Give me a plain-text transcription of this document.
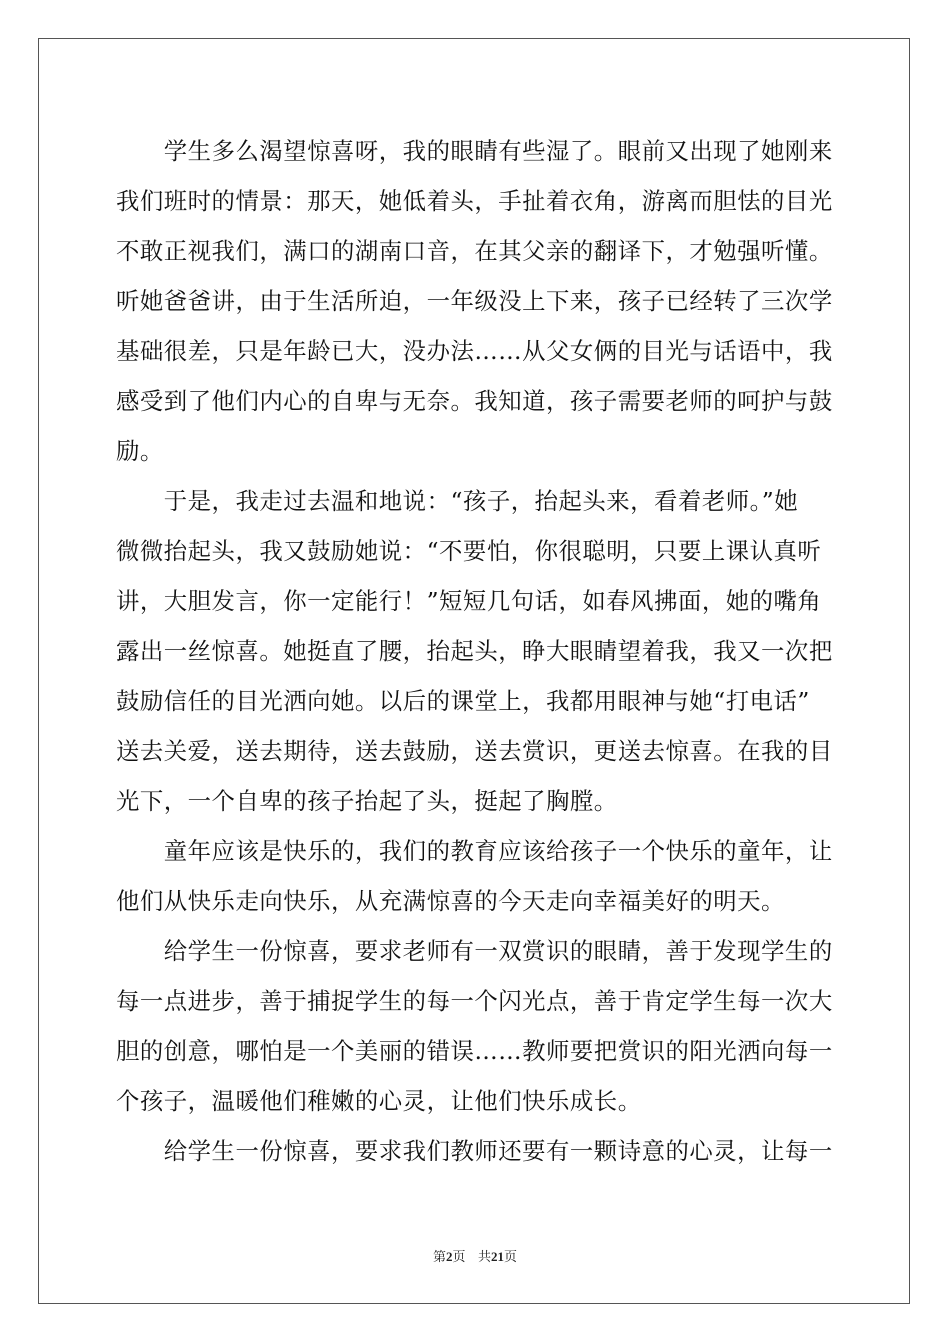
　　学生多么渴望惊喜呀，我的眼睛有些湿了。眼前又出现了她刚来
我们班时的情景：那天，她低着头，手扯着衣角，游离而胆怯的目光
不敢正视我们，满口的湖南口音，在其父亲的翻译下，才勉强听懂。
听她爸爸讲，由于生活所迫，一年级没上下来，孩子已经转了三次学
基础很差，只是年龄已大，没办法……从父女俩的目光与话语中，我
感受到了他们内心的自卑与无奈。我知道，孩子需要老师的呵护与鼓
励。
　　于是，我走过去温和地说：“孩子，抬起头来，看着老师。”她
微微抬起头，我又鼓励她说：“不要怕，你很聪明，只要上课认真听
讲，大胆发言，你一定能行！”短短几句话，如春风拂面，她的嘴角
露出一丝惊喜。她挺直了腰，抬起头，睁大眼睛望着我，我又一次把
鼓励信任的目光洒向她。以后的课堂上，我都用眼神与她“打电话”
送去关爱，送去期待，送去鼓励，送去赏识，更送去惊喜。在我的目
光下，一个自卑的孩子抬起了头，挺起了胸膛。
　　童年应该是快乐的，我们的教育应该给孩子一个快乐的童年，让
他们从快乐走向快乐，从充满惊喜的今天走向幸福美好的明天。
　　给学生一份惊喜，要求老师有一双赏识的眼睛，善于发现学生的
每一点进步，善于捕捉学生的每一个闪光点，善于肯定学生每一次大
胆的创意，哪怕是一个美丽的错误……教师要把赏识的阳光洒向每一
个孩子，温暖他们稚嫩的心灵，让他们快乐成长。
　　给学生一份惊喜，要求我们教师还要有一颗诗意的心灵，让每一
第2页 共21页
